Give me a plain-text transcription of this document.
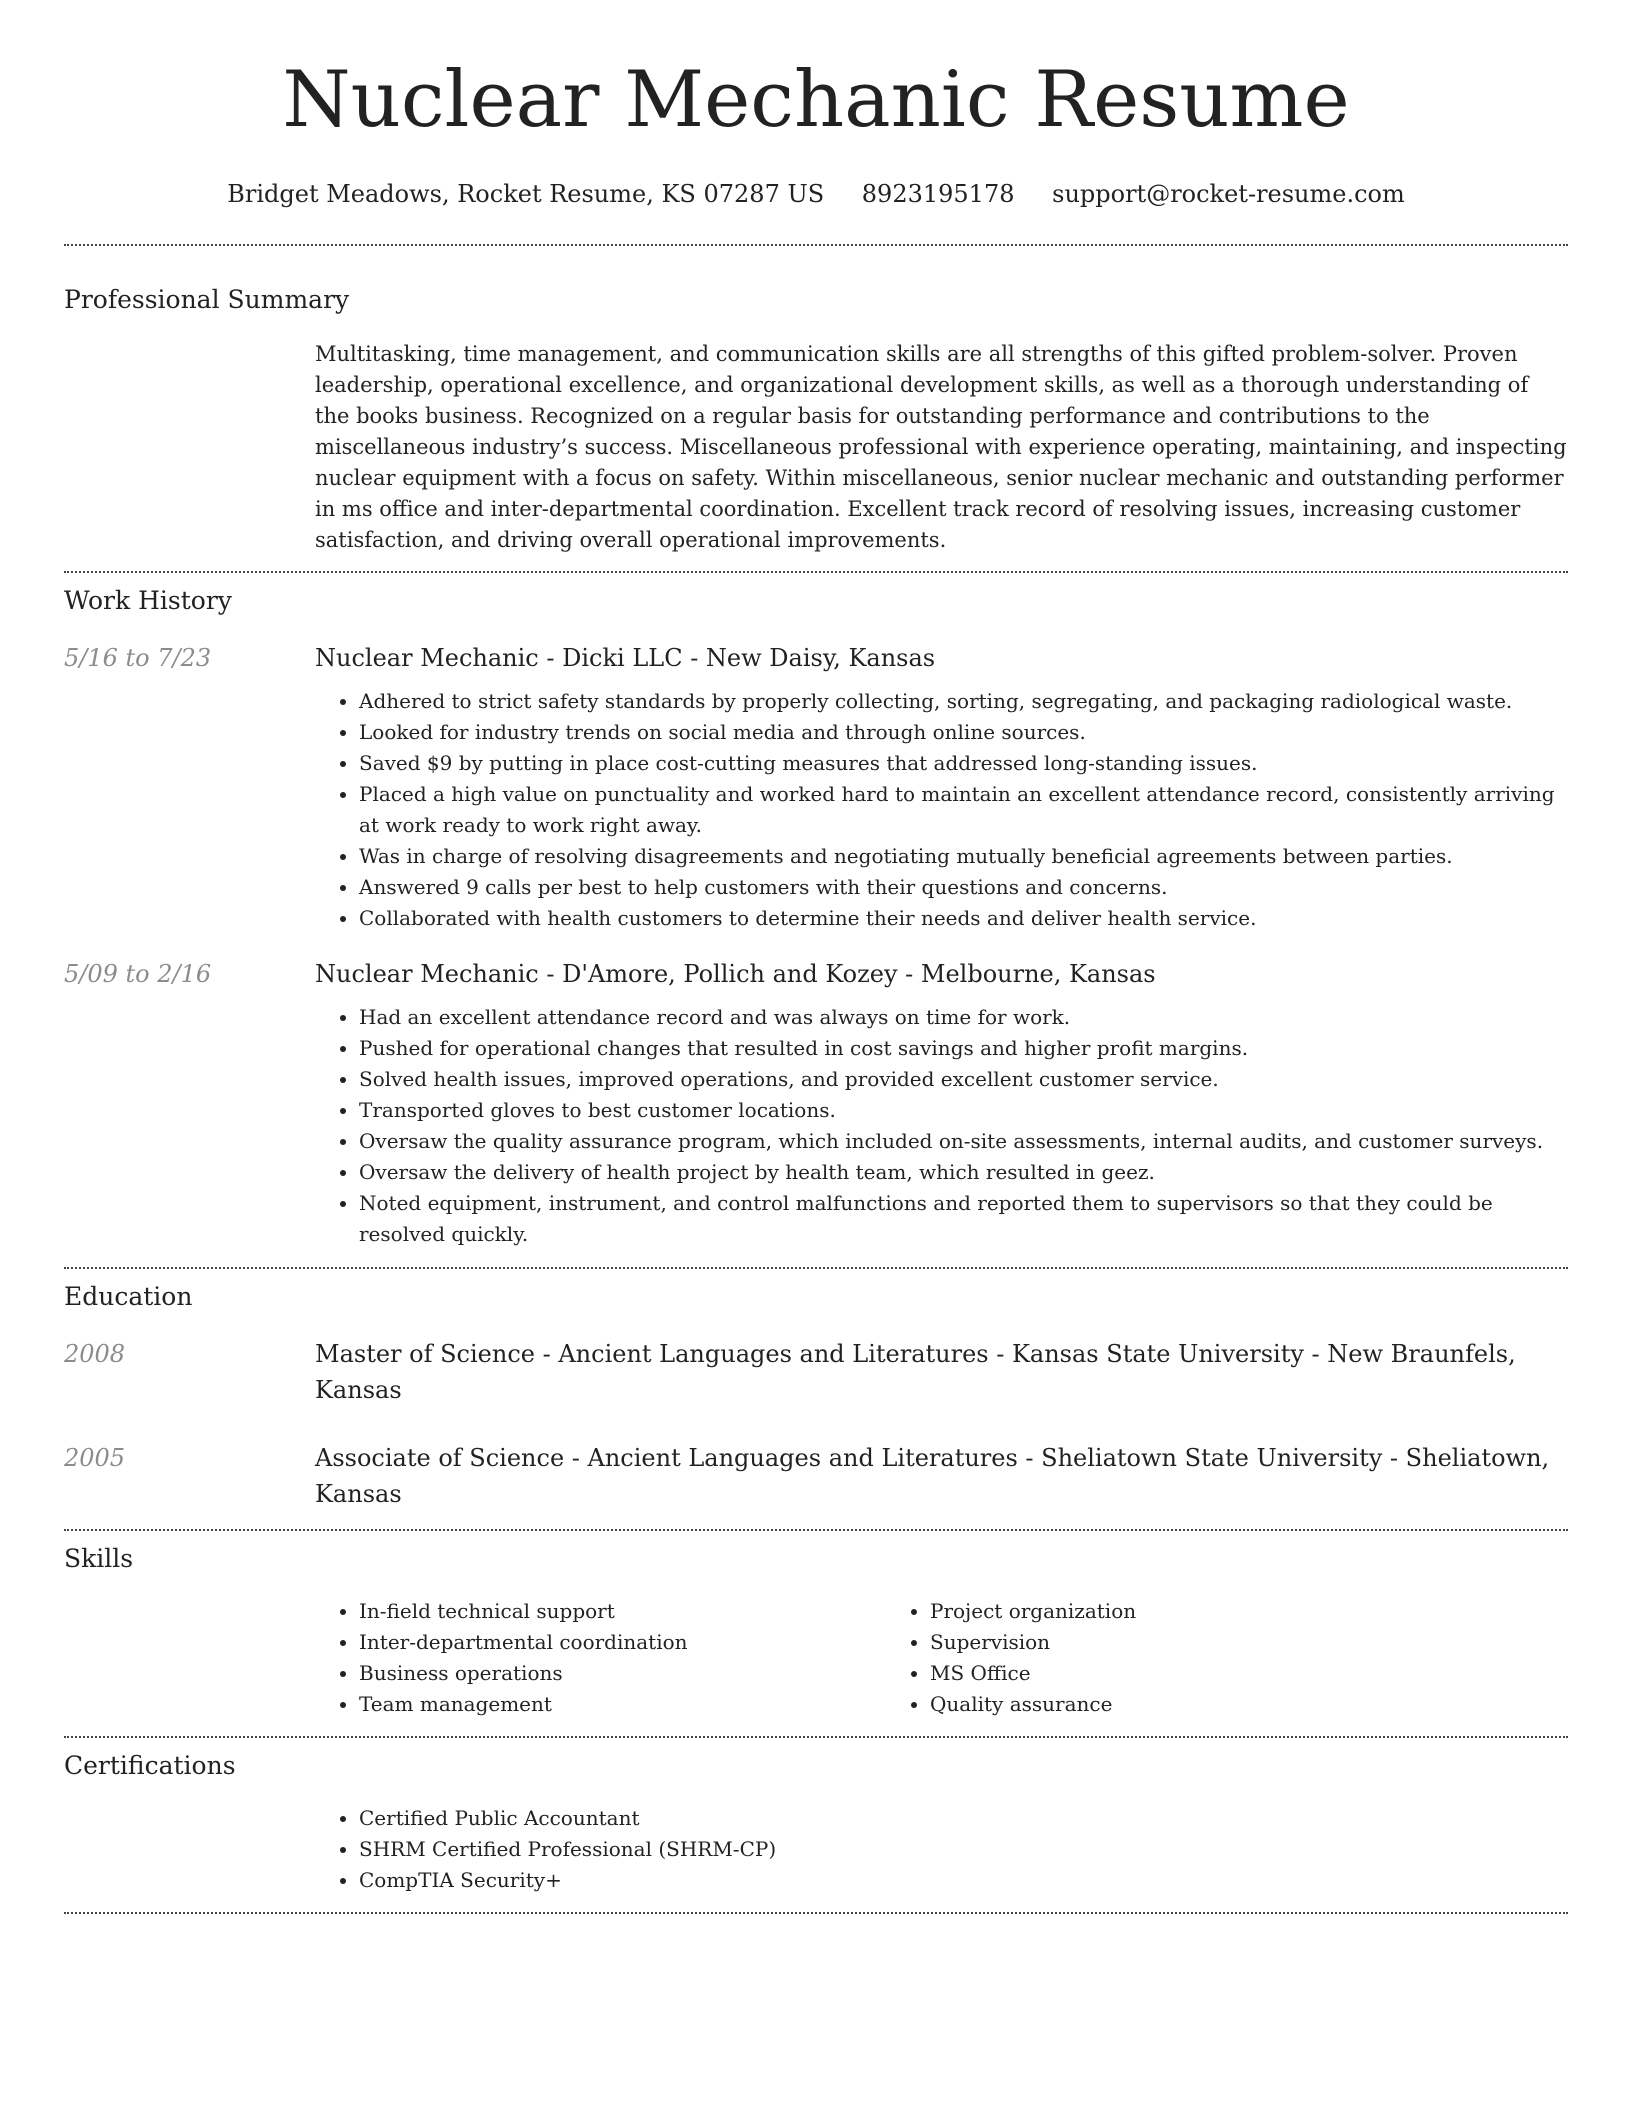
Nuclear Mechanic Resume
Bridget Meadows, Rocket Resume, KS 07287 US 8923195178 support@rocket-resume.com
Professional Summary

Multitasking, time management, and communication skills are all strengths of this gifted problem-solver. Proven leadership, operational excellence, and organizational development skills, as well as a thorough understanding of the books business. Recognized on a regular basis for outstanding performance and contributions to the miscellaneous industry’s success. Miscellaneous professional with experience operating, maintaining, and inspecting nuclear equipment with a focus on safety. Within miscellaneous, senior nuclear mechanic and outstanding performer in ms office and inter-departmental coordination. Excellent track record of resolving issues, increasing customer satisfaction, and driving overall operational improvements.

Work History
5/16 to 7/23	Nuclear Mechanic - Dicki LLC - New Daisy, Kansas
• Adhered to strict safety standards by properly collecting, sorting, segregating, and packaging radiological waste.
• Looked for industry trends on social media and through online sources.
• Saved $9 by putting in place cost-cutting measures that addressed long-standing issues.
• Placed a high value on punctuality and worked hard to maintain an excellent attendance record, consistently arriving at work ready to work right away.
• Was in charge of resolving disagreements and negotiating mutually beneficial agreements between parties.
• Answered 9 calls per best to help customers with their questions and concerns.
• Collaborated with health customers to determine their needs and deliver health service.
5/09 to 2/16	Nuclear Mechanic - D'Amore, Pollich and Kozey - Melbourne, Kansas
• Had an excellent attendance record and was always on time for work.
• Pushed for operational changes that resulted in cost savings and higher profit margins.
• Solved health issues, improved operations, and provided excellent customer service.
• Transported gloves to best customer locations.
• Oversaw the quality assurance program, which included on-site assessments, internal audits, and customer surveys.
• Oversaw the delivery of health project by health team, which resulted in geez.
• Noted equipment, instrument, and control malfunctions and reported them to supervisors so that they could be resolved quickly.
Education
2008	Master of Science - Ancient Languages and Literatures - Kansas State University - New Braunfels, Kansas
2005	Associate of Science - Ancient Languages and Literatures - Sheliatown State University - Sheliatown, Kansas
Skills
• In-field technical support
• Inter-departmental coordination
• Business operations
• Team management
• Project organization
• Supervision
• MS Office
• Quality assurance
Certifications
• Certified Public Accountant
• SHRM Certified Professional (SHRM-CP)
• CompTIA Security+
